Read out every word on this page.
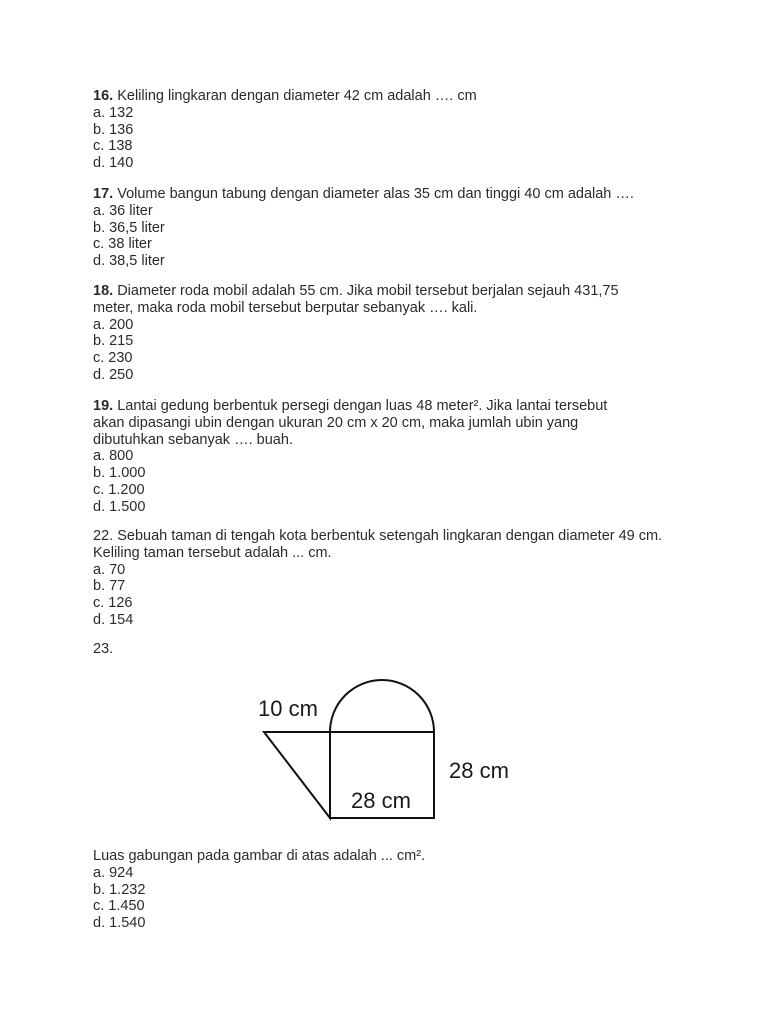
16. Keliling lingkaran dengan diameter 42 cm adalah …. cm
a. 132
b. 136
c. 138
d. 140
17. Volume bangun tabung dengan diameter alas 35 cm dan tinggi 40 cm adalah ….
a. 36 liter
b. 36,5 liter
c. 38 liter
d. 38,5 liter
18. Diameter roda mobil adalah 55 cm. Jika mobil tersebut berjalan sejauh 431,75
meter, maka roda mobil tersebut berputar sebanyak …. kali.
a. 200
b. 215
c. 230
d. 250
19. Lantai gedung berbentuk persegi dengan luas 48 meter². Jika lantai tersebut
akan dipasangi ubin dengan ukuran 20 cm x 20 cm, maka jumlah ubin yang
dibutuhkan sebanyak …. buah.
a. 800
b. 1.000
c. 1.200
d. 1.500
22. Sebuah taman di tengah kota berbentuk setengah lingkaran dengan diameter 49 cm.
Keliling taman tersebut adalah ... cm.
a. 70
b. 77
c. 126
d. 154
23.
10 cm
28 cm
28 cm
Luas gabungan pada gambar di atas adalah ... cm².
a. 924
b. 1.232
c. 1.450
d. 1.540
